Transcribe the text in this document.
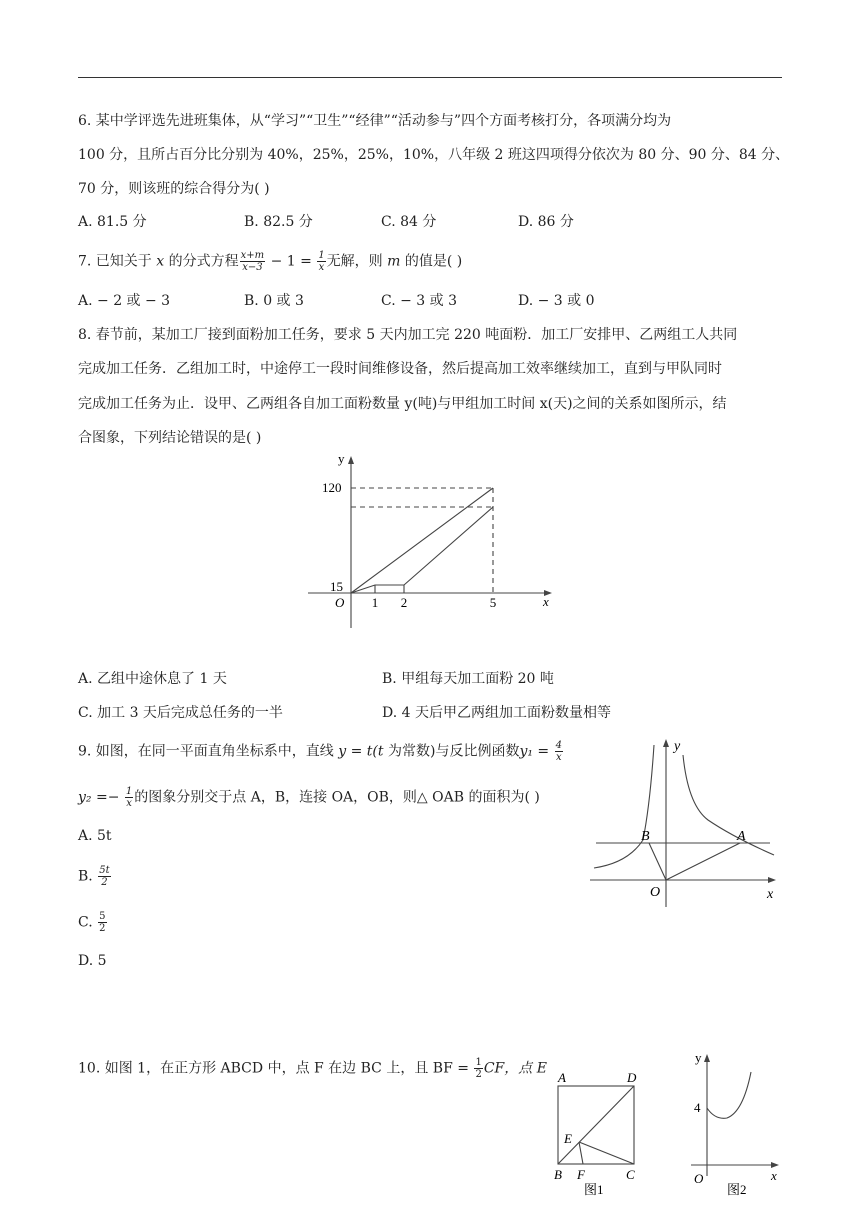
6. 某中学评选先进班集体，从“学习”“卫生”“经律”“活动参与”四个方面考核打分，各项满分均为
100 分，且所占百分比分别为 40%，25%，25%，10%，八年级 2 班这四项得分依次为 80 分、90 分、84 分、
70 分，则该班的综合得分为( )
A. 81.5 分	B. 82.5 分	C. 84 分	D. 86 分
7. 已知关于 x 的分式方程 $\frac{x+m}{x-3} - 1 = \frac{1}{x}$ 无解，则 m 的值是( )
A. − 2 或 − 3	B. 0 或 3	C. − 3 或 3	D. − 3 或 0
8. 春节前，某加工厂接到面粉加工任务，要求 5 天内加工完 220 吨面粉．加工厂安排甲、乙两组工人共同
完成加工任务．乙组加工时，中途停工一段时间维修设备，然后提高加工效率继续加工，直到与甲队同时
完成加工任务为止．设甲、乙两组各自加工面粉数量 y(吨)与甲组加工时间 x(天)之间的关系如图所示，结
合图象，下列结论错误的是( )
y
x
O
120
15
1 2	5
A. 乙组中途休息了 1 天	B. 甲组每天加工面粉 20 吨
C. 加工 3 天后完成总任务的一半	D. 4 天后甲乙两组加工面粉数量相等
9. 如图，在同一平面直角坐标系中，直线 y = t(t 为常数)与反比例函数$y_1 = \frac{4}{x}$
$y_2 =- \frac{1}{x}$ 的图象分别交于点 A，B，连接 OA，OB，则△ OAB 的面积为( )
A. 5t
B. $\frac{5t}{2}$
C. $\frac{5}{2}$
D. 5
y
x
O
A
B
10. 如图 1，在正方形 ABCD 中，点 F 在边 BC 上，且 BF = $\frac{1}{2}$ CF，点 E
A	D
E
B F	C
图1
y
x
O
4
图2
